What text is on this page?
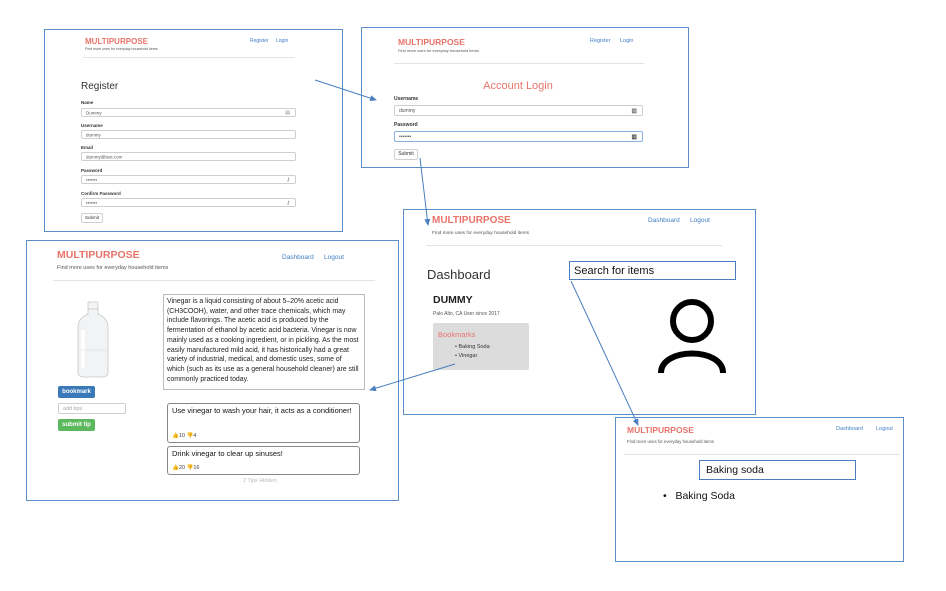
MULTIPURPOSE
Find more uses for everyday household items
Register Login
Register
Name
Dummy	▤
Username
dummy
Email
dummy@test.com
Password
•••••••	⚷
Confirm Password
•••••••	⚷
Submit
MULTIPURPOSE
Find more uses for everyday household items
Register Login
Account Login
Username
dummy	▦
Password
•••••••	▦
Submit
MULTIPURPOSE
Find more uses for everyday household items
Dashboard Logout
Dashboard
DUMMY
Palo Alto, CA User since 2017
Bookmarks
• Baking Soda
• Vinegar
Search for items
MULTIPURPOSE
Find more uses for everyday household items
Dashboard Logout
bookmark
add tips
submit tip
Vinegar is a liquid consisting of about 5–20% acetic acid (CH3COOH), water, and other trace chemicals, which may include flavorings. The acetic acid is produced by the fermentation of ethanol by acetic acid bacteria. Vinegar is now mainly used as a cooking ingredient, or in pickling. As the most easily manufactured mild acid, it has historically had a great variety of industrial, medical, and domestic uses, some of which (such as its use as a general household cleaner) are still commonly practiced today.
Use vinegar to wash your hair, it acts as a conditioner!
👍10 👎4
Drink vinegar to clear up sinuses!
👍20 👎16
2 Tips Hidden
MULTIPURPOSE
Find more uses for everyday household items
Dashboard Logout
Baking soda
•   Baking Soda
